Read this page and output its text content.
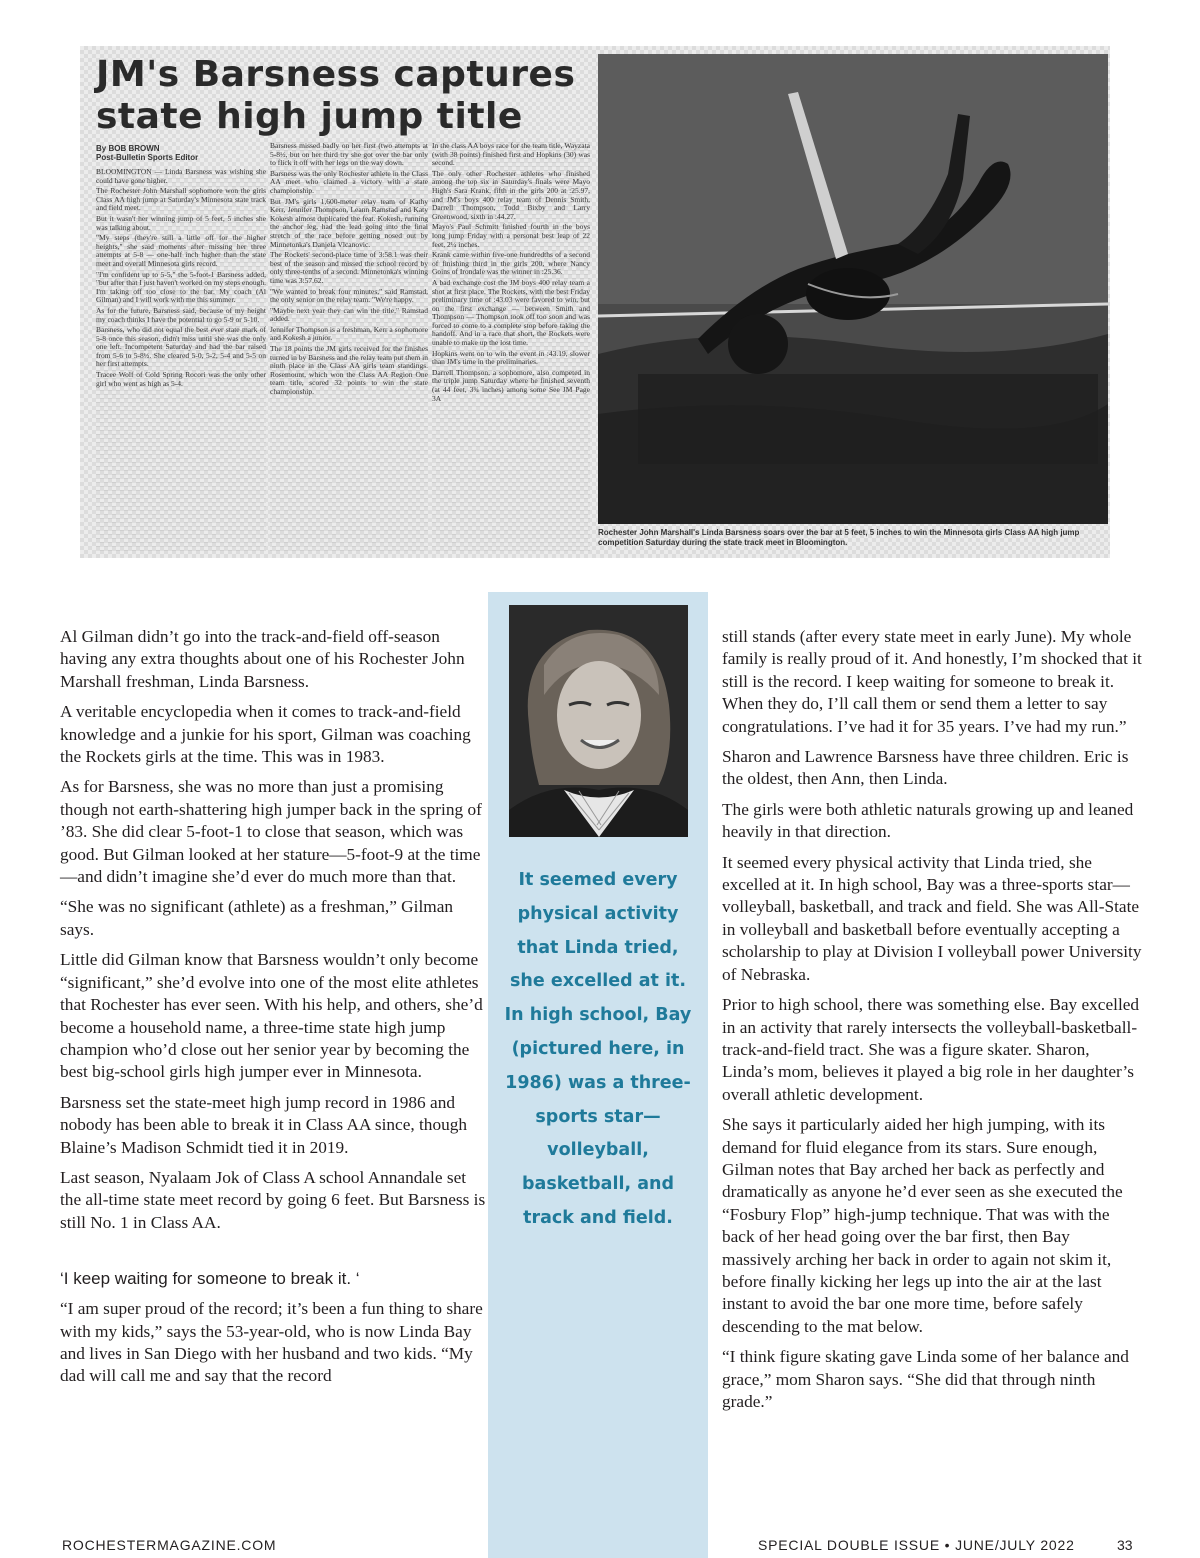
JM's Barsness captures state high jump title
By BOB BROWN
Post-Bulletin Sports Editor

BLOOMINGTON — Linda Barsness was wishing she could have gone higher.

The Rochester John Marshall sophomore won the girls Class AA high jump at Saturday's Minnesota state track and field meet.

But it wasn't her winning jump of 5 feet, 5 inches she was talking about.

"My steps (they're still a little off for the higher heights," she said moments after missing her three attempts at 5-8 — one-half inch higher than the state meet and overall Minnesota girls record.

"I'm confident up to 5-5," the 5-foot-1 Barsness added, "but after that I just haven't worked on my steps enough. I'm taking off too close to the bar. My coach (Al Gilman) and I will work with me this summer.

As for the future, Barsness said, because of my height my coach thinks I have the potential to go 5-9 or 5-10.

Barsness, who did not equal the best ever state mark of 5-8 once this season, didn't miss until she was the only one left. Incompetent Saturday and had the bar raised from 5-6 to 5-8½. She cleared 5-0, 5-2, 5-4 and 5-5 on her first attempts.

Tracee Wolf of Cold Spring Rocori was the only other girl who went as high as 5-4.

Barsness missed badly on her first (two attempts at 5-8½, but on her third try she got over the bar only to flick it off with her legs on the way down.

Barsness was the only Rochester athlete in the Class AA meet who claimed a victory with a state championship.

But JM's girls 1,600-meter relay team of Kathy Kerr, Jennifer Thompson, Leann Ramstad and Katy Kokesh almost duplicated the feat. Kokesh, running the anchor leg, had the lead going into the final stretch of the race before getting nosed out by Minnetonka's Danjela Vlcanovic.

The Rockets' second-place time of 3:58.1 was their best of the season and missed the school record by only three-tenths of a second. Minnetonka's winning time was 3:57.62.

"We wanted to break four minutes," said Ramstad, the only senior on the relay team. "We're happy.

"Maybe next year they can win the title," Ramstad added.

Jennifer Thompson is a freshman, Kerr a sophomore and Kokesh a junior.

The 18 points the JM girls received for the finishes turned in by Barsness and the relay team put them in ninth place in the Class AA girls team standings. Rosemount, which won the Class AA Region One team title, scored 32 points to win the state championship.

In the class AA boys race for the team title, Wayzata (with 38 points) finished first and Hopkins (30) was second.

The only other Rochester athletes who finished among the top six in Saturday's finals were Mayo High's Sara Krank, fifth in the girls 200 at :25.97, and JM's boys 400 relay team of Dennis Smith, Darrell Thompson, Todd Bixby and Larry Greenwood, sixth in :44.27.

Mayo's Paul Schmitt finished fourth in the boys long jump Friday with a personal best leap of 22 feet, 2¼ inches.

Krank came within five-one hundredths of a second of finishing third in the girls 200, where Nancy Goins of Irondale was the winner in :25.36.

A bad exchange cost the JM boys 400 relay team a shot at first place. The Rockets, with the best Friday preliminary time of :43.03 were favored to win, but on the first exchange — between Smith and Thompson — Thompson took off too soon and was forced to come to a complete stop before taking the handoff. And in a race that short, the Rockets were unable to make up the lost time.

Hopkins went on to win the event in :43.19, slower than JM's time in the preliminaries.

Darrell Thompson, a sophomore, also competed in the triple jump Saturday where he finished seventh (at 44 feet, 3¾ inches) among some See JM Page 3A

Rochester John Marshall's Linda Barsness soars over the bar at 5 feet, 5 inches to win the Minnesota girls Class AA high jump competition Saturday during the state track meet in Bloomington.

Al Gilman didn’t go into the track-and-field off-season having any extra thoughts about one of his Rochester John Marshall freshman, Linda Barsness.

A veritable encyclopedia when it comes to track-and-field knowledge and a junkie for his sport, Gilman was coaching the Rockets girls at the time. This was in 1983.

As for Barsness, she was no more than just a promising though not earth-shattering high jumper back in the spring of ’83. She did clear 5-foot-1 to close that season, which was good. But Gilman looked at her stature—5-foot-9 at the time—and didn’t imagine she’d ever do much more than that.

“She was no significant (athlete) as a freshman,” Gilman says.

Little did Gilman know that Barsness wouldn’t only become “significant,” she’d evolve into one of the most elite athletes that Rochester has ever seen. With his help, and others, she’d become a household name, a three-time state high jump champion who’d close out her senior year by becoming the best big-school girls high jumper ever in Minnesota.

Barsness set the state-meet high jump record in 1986 and nobody has been able to break it in Class AA since, though Blaine’s Madison Schmidt tied it in 2019.

Last season, Nyalaam Jok of Class A school Annandale set the all-time state meet record by going 6 feet. But Barsness is still No. 1 in Class AA.

‘I keep waiting for someone to break it. ‘

“I am super proud of the record; it’s been a fun thing to share with my kids,” says the 53-year-old, who is now Linda Bay and lives in San Diego with her husband and two kids. “My dad will call me and say that the record

It seemed every physical activity that Linda tried, she excelled at it. In high school, Bay (pictured here, in 1986) was a three-sports star—volleyball, basketball, and track and field.

still stands (after every state meet in early June). My whole family is really proud of it. And honestly, I’m shocked that it still is the record. I keep waiting for someone to break it. When they do, I’ll call them or send them a letter to say congratulations. I’ve had it for 35 years. I’ve had my run.”

Sharon and Lawrence Barsness have three children. Eric is the oldest, then Ann, then Linda.

The girls were both athletic naturals growing up and leaned heavily in that direction.

It seemed every physical activity that Linda tried, she excelled at it. In high school, Bay was a three-sports star—volleyball, basketball, and track and field. She was All-State in volleyball and basketball before eventually accepting a scholarship to play at Division I volleyball power University of Nebraska.

Prior to high school, there was something else. Bay excelled in an activity that rarely intersects the volleyball-basketball-track-and-field tract. She was a figure skater. Sharon, Linda’s mom, believes it played a big role in her daughter’s overall athletic development.

She says it particularly aided her high jumping, with its demand for fluid elegance from its stars. Sure enough, Gilman notes that Bay arched her back as perfectly and dramatically as anyone he’d ever seen as she executed the “Fosbury Flop” high-jump technique. That was with the back of her head going over the bar first, then Bay massively arching her back in order to again not skim it, before finally kicking her legs up into the air at the last instant to avoid the bar one more time, before safely descending to the mat below.

“I think figure skating gave Linda some of her balance and grace,” mom Sharon says. “She did that through ninth grade.”

ROCHESTERMAGAZINE.COM	SPECIAL DOUBLE ISSUE • JUNE/JULY 2022	33
